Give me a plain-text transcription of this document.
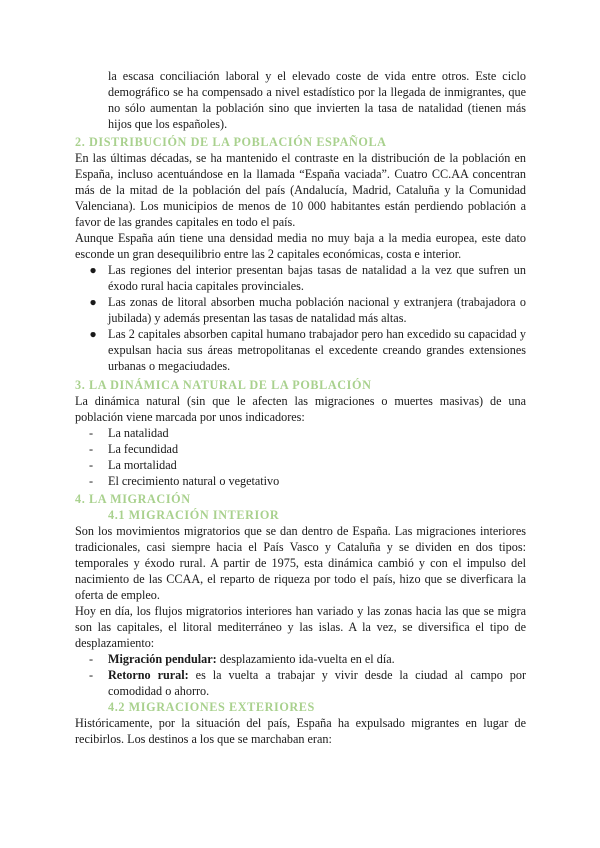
la escasa conciliación laboral y el elevado coste de vida entre otros. Este ciclo demográfico se ha compensado a nivel estadístico por la llegada de inmigrantes, que no sólo aumentan la población sino que invierten la tasa de natalidad (tienen más hijos que los españoles).

2. DISTRIBUCIÓN DE LA POBLACIÓN ESPAÑOLA

En las últimas décadas, se ha mantenido el contraste en la distribución de la población en España, incluso acentuándose en la llamada “España vaciada”. Cuatro CC.AA concentran más de la mitad de la población del país (Andalucía, Madrid, Cataluña y la Comunidad Valenciana). Los municipios de menos de 10 000 habitantes están perdiendo población a favor de las grandes capitales en todo el país.

Aunque España aún tiene una densidad media no muy baja a la media europea, este dato esconde un gran desequilibrio entre las 2 capitales económicas, costa e interior.

● Las regiones del interior presentan bajas tasas de natalidad a la vez que sufren un éxodo rural hacia capitales provinciales.
● Las zonas de litoral absorben mucha población nacional y extranjera (trabajadora o jubilada) y además presentan las tasas de natalidad más altas.
● Las 2 capitales absorben capital humano trabajador pero han excedido su capacidad y expulsan hacia sus áreas metropolitanas el excedente creando grandes extensiones urbanas o megaciudades.
3. LA DINÁMICA NATURAL DE LA POBLACIÓN

La dinámica natural (sin que le afecten las migraciones o muertes masivas) de una población viene marcada por unos indicadores:

- La natalidad
- La fecundidad
- La mortalidad
- El crecimiento natural o vegetativo
4. LA MIGRACIÓN
4.1 MIGRACIÓN INTERIOR

Son los movimientos migratorios que se dan dentro de España. Las migraciones interiores tradicionales, casi siempre hacia el País Vasco y Cataluña y se dividen en dos tipos: temporales y éxodo rural. A partir de 1975, esta dinámica cambió y con el impulso del nacimiento de las CCAA, el reparto de riqueza por todo el país, hizo que se diverficara la oferta de empleo.

Hoy en día, los flujos migratorios interiores han variado y las zonas hacia las que se migra son las capitales, el litoral mediterráneo y las islas. A la vez, se diversifica el tipo de desplazamiento:

- Migración pendular: desplazamiento ida-vuelta en el día.
- Retorno rural: es la vuelta a trabajar y vivir desde la ciudad al campo por comodidad o ahorro.
4.2 MIGRACIONES EXTERIORES

Históricamente, por la situación del país, España ha expulsado migrantes en lugar de recibirlos. Los destinos a los que se marchaban eran:
